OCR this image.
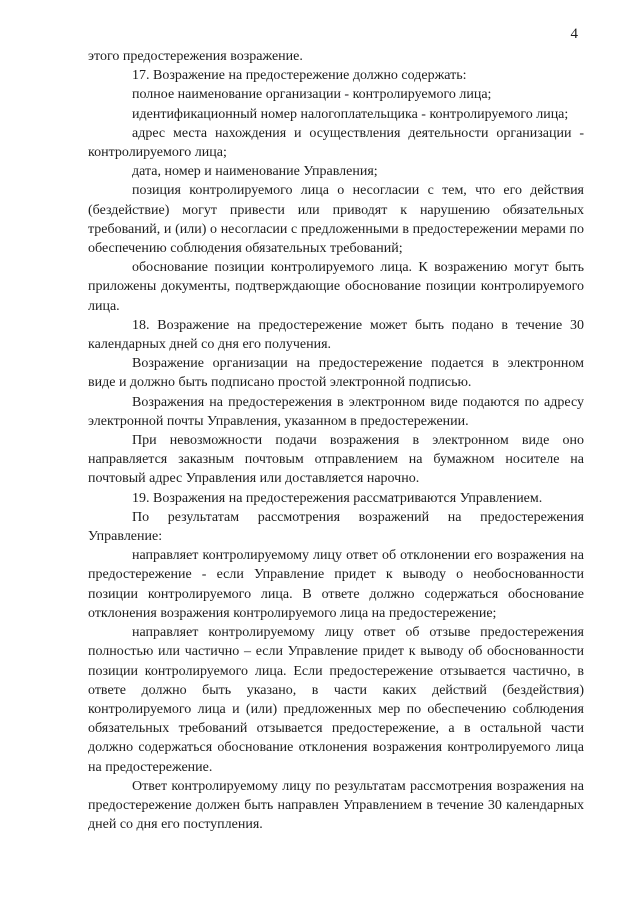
4

этого предостережения возражение.

17. Возражение на предостережение должно содержать:

полное наименование организации - контролируемого лица;

идентификационный номер налогоплательщика - контролируемого лица;

адрес места нахождения и осуществления деятельности организации - контролируемого лица;

дата, номер и наименование Управления;

позиция контролируемого лица о несогласии с тем, что его действия (бездействие) могут привести или приводят к нарушению обязательных требований, и (или) о несогласии с предложенными в предостережении мерами по обеспечению соблюдения обязательных требований;

обоснование позиции контролируемого лица. К возражению могут быть приложены документы, подтверждающие обоснование позиции контролируемого лица.

18. Возражение на предостережение может быть подано в течение 30 календарных дней со дня его получения.

Возражение организации на предостережение подается в электронном виде и должно быть подписано простой электронной подписью.

Возражения на предостережения в электронном виде подаются по адресу электронной почты Управления, указанном в предостережении.

При невозможности подачи возражения в электронном виде оно направляется заказным почтовым отправлением на бумажном носителе на почтовый адрес Управления или доставляется нарочно.

19. Возражения на предостережения рассматриваются Управлением.

По результатам рассмотрения возражений на предостережения Управление:

направляет контролируемому лицу ответ об отклонении его возражения на предостережение - если Управление придет к выводу о необоснованности позиции контролируемого лица. В ответе должно содержаться обоснование отклонения возражения контролируемого лица на предостережение;

направляет контролируемому лицу ответ об отзыве предостережения полностью или частично – если Управление придет к выводу об обоснованности позиции контролируемого лица. Если предостережение отзывается частично, в ответе должно быть указано, в части каких действий (бездействия) контролируемого лица и (или) предложенных мер по обеспечению соблюдения обязательных требований отзывается предостережение, а в остальной части должно содержаться обоснование отклонения возражения контролируемого лица на предостережение.

Ответ контролируемому лицу по результатам рассмотрения возражения на предостережение должен быть направлен Управлением в течение 30 календарных дней со дня его поступления.
